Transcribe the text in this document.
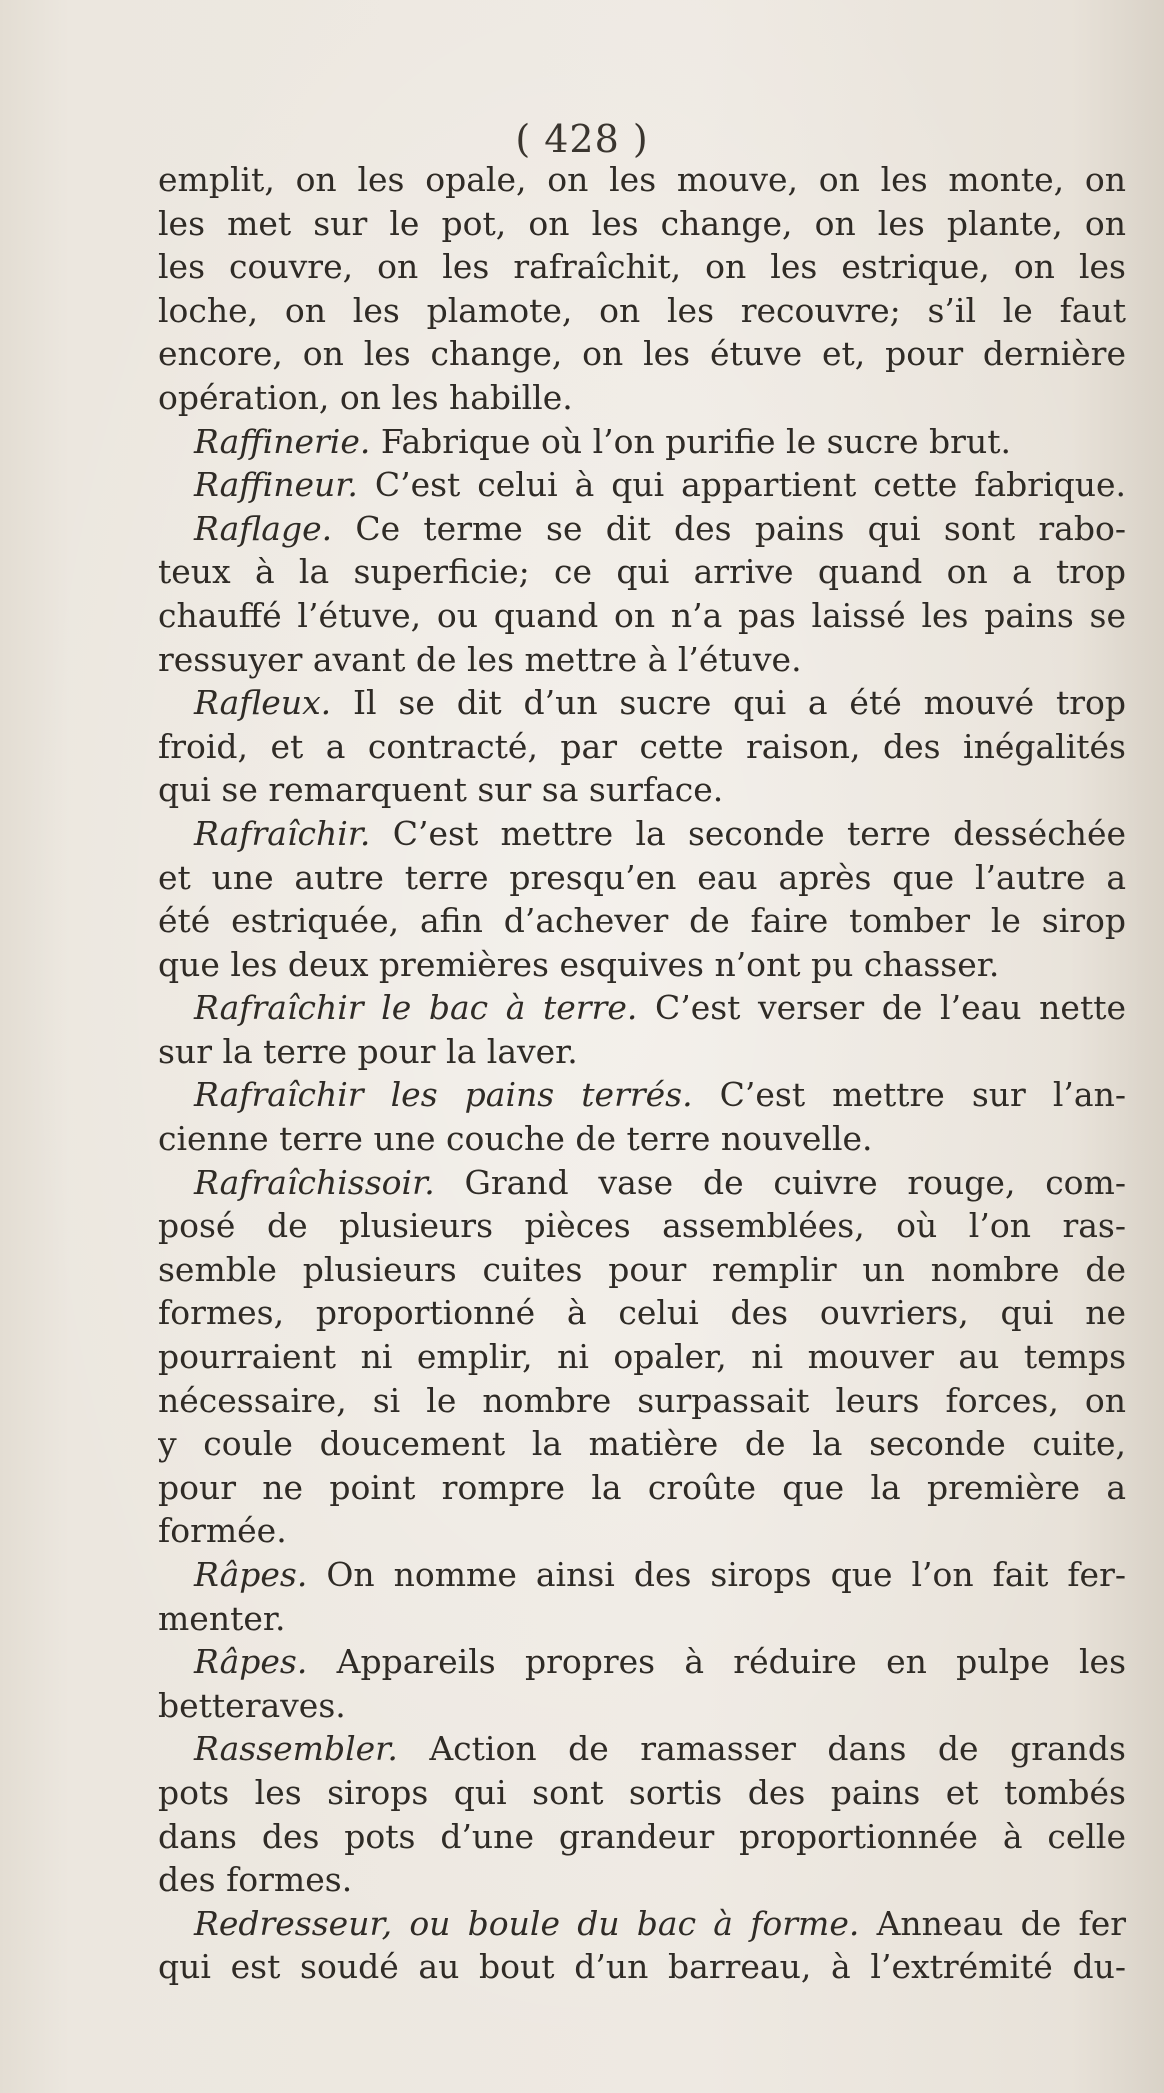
( 428 )
emplit, on les opale, on les mouve, on les monte, on
les met sur le pot, on les change, on les plante, on
les couvre, on les rafraîchit, on les estrique, on les
loche, on les plamote, on les recouvre; s’il le faut
encore, on les change, on les étuve et, pour dernière
opération, on les habille.
Raffinerie. Fabrique où l’on purifie le sucre brut.
Raffineur. C’est celui à qui appartient cette fabrique.
Raflage. Ce terme se dit des pains qui sont rabo-
teux à la superficie; ce qui arrive quand on a trop
chauffé l’étuve, ou quand on n’a pas laissé les pains se
ressuyer avant de les mettre à l’étuve.
Rafleux. Il se dit d’un sucre qui a été mouvé trop
froid, et a contracté, par cette raison, des inégalités
qui se remarquent sur sa surface.
Rafraîchir. C’est mettre la seconde terre desséchée
et une autre terre presqu’en eau après que l’autre a
été estriquée, afin d’achever de faire tomber le sirop
que les deux premières esquives n’ont pu chasser.
Rafraîchir le bac à terre. C’est verser de l’eau nette
sur la terre pour la laver.
Rafraîchir les pains terrés. C’est mettre sur l’an-
cienne terre une couche de terre nouvelle.
Rafraîchissoir. Grand vase de cuivre rouge, com-
posé de plusieurs pièces assemblées, où l’on ras-
semble plusieurs cuites pour remplir un nombre de
formes, proportionné à celui des ouvriers, qui ne
pourraient ni emplir, ni opaler, ni mouver au temps
nécessaire, si le nombre surpassait leurs forces, on
y coule doucement la matière de la seconde cuite,
pour ne point rompre la croûte que la première a
formée.
Râpes. On nomme ainsi des sirops que l’on fait fer-
menter.
Râpes. Appareils propres à réduire en pulpe les
betteraves.
Rassembler. Action de ramasser dans de grands
pots les sirops qui sont sortis des pains et tombés
dans des pots d’une grandeur proportionnée à celle
des formes.
Redresseur, ou boule du bac à forme. Anneau de fer
qui est soudé au bout d’un barreau, à l’extrémité du-
